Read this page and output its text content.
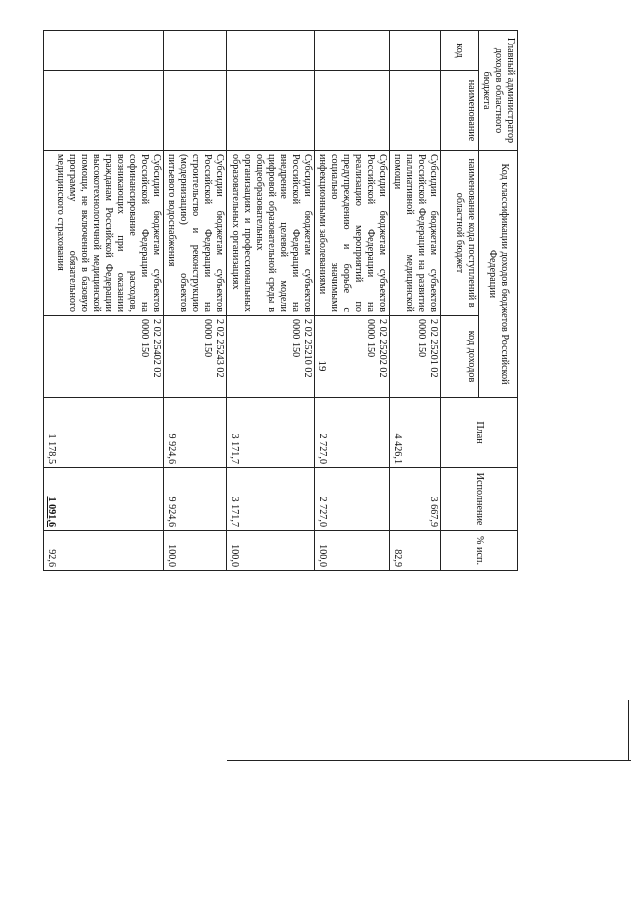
19
Главный администратор доходов областного бюджета		Код классификации доходов бюджетов Российской Федерации		План	Исполнение	% исп.
код	наименование	наименование кода поступлений в областной бюджет	код доходов			
		Субсидии бюджетам субъектов Российской Федерации на развитие паллиативной медицинской помощи	2 02 25201 02 0000 150	4 426,1	3 667,9	82,9
		Субсидии бюджетам субъектов Российской Федерации на реализацию мероприятий по предупреждению и борьбе с социально значимыми инфекционными заболеваниями	2 02 25202 02 0000 150	2 727,0	2 727,0	100,0
		Субсидии бюджетам субъектов Российской Федерации на внедрение целевой модели цифровой образовательной среды в общеобразовательных организациях и профессиональных образовательных организациях	2 02 25210 02 0000 150	3 171,7	3 171,7	100,0
		Субсидии бюджетам субъектов Российской Федерации на строительство и реконструкцию (модернизацию) объектов питьевого водоснабжения	2 02 25243 02 0000 150	9 924,6	9 924,6	100,0
		Субсидии бюджетам субъектов Российской Федерации на софинансирование расходов, возникающих при оказании гражданам Российской Федерации высокотехнологичной медицинской помощи, не включенной в базовую программу обязательного медицинского страхования	2 02 25402 02 0000 150	1 178,5	1 091,6	92,6
